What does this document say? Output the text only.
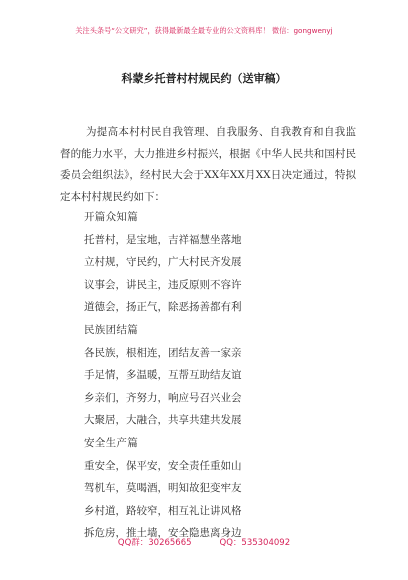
关注头条号“公文研究”，获得最新最全最专业的公文资料库！ 微信：gongwenyj
科蒙乡托普村村规民约（送审稿）

为提高本村村民自我管理、自我服务、自我教育和自我监督的能力水平，大力推进乡村振兴，根据《中华人民共和国村民委员会组织法》，经村民大会于XX年XX月XX日决定通过，特拟定本村村规民约如下：

开篇众知篇
托普村，是宝地，吉祥福慧坐落地
立村规，守民约，广大村民齐发展
议事会，讲民主，违反原则不容许
道德会，扬正气，除恶扬善都有利
民族团结篇
各民族，根相连，团结友善一家亲
手足情，多温暖，互帮互助结友谊
乡亲们，齐努力，响应号召兴业会
大聚居，大融合，共享共建共发展
安全生产篇
重安全，保平安，安全责任重如山
驾机车，莫喝酒，明知故犯变牢友
乡村道，路较窄，相互礼让讲风格
拆危房，推土墙，安全隐患离身边
QQ群：30265665	QQ：535304092
